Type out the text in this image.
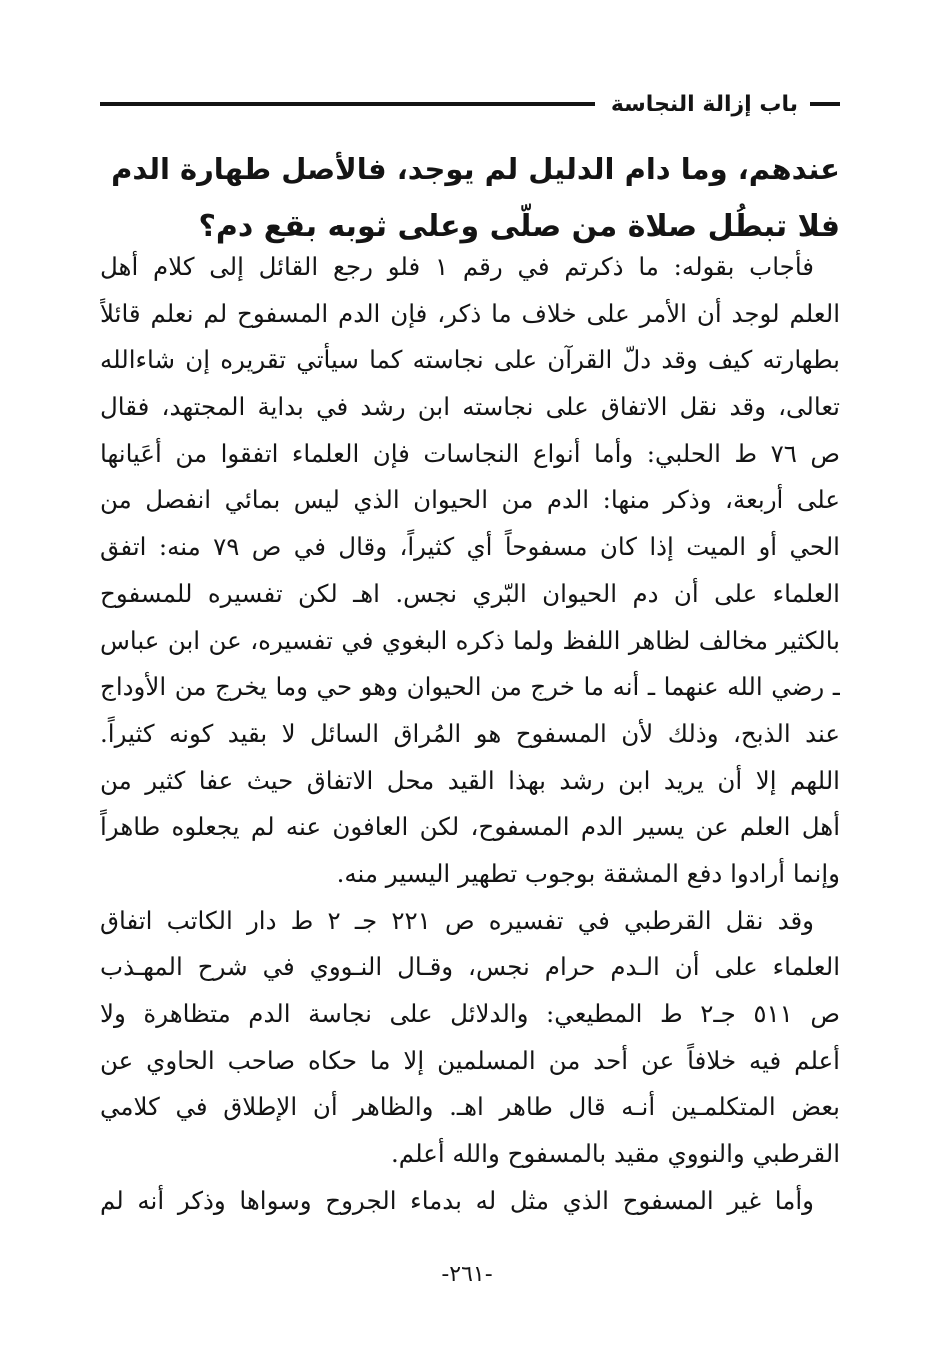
باب إزالة النجاسة
عندهم، وما دام الدليل لم يوجد، فالأصل طهارة الدم
فلا تبطُل صلاة من صلّى وعلى ثوبه بقع دم؟
فأجاب بقوله: ما ذكرتم في رقم ١ فلو رجع القائل إلى كلام أهل
العلم لوجد أن الأمر على خلاف ما ذكر، فإن الدم المسفوح لم نعلم قائلاً
بطهارته كيف وقد دلّ القرآن على نجاسته كما سيأتي تقريره إن شاءالله
تعالى، وقد نقل الاتفاق على نجاسته ابن رشد في بداية المجتهد، فقال
ص ٧٦ ط الحلبي: وأما أنواع النجاسات فإن العلماء اتفقوا من أعَيانها
على أربعة، وذكر منها: الدم من الحيوان الذي ليس بمائي انفصل من
الحي أو الميت إذا كان مسفوحاً أي كثيراً، وقال في ص ٧٩ منه: اتفق
العلماء على أن دم الحيوان البّري نجس. اهـ لكن تفسيره للمسفوح
بالكثير مخالف لظاهر اللفظ ولما ذكره البغوي في تفسيره، عن ابن عباس
ـ رضي الله عنهما ـ أنه ما خرج من الحيوان وهو حي وما يخرج من الأوداج
عند الذبح، وذلك لأن المسفوح هو المُراق السائل لا بقيد كونه كثيراً.
اللهم إلا أن يريد ابن رشد بهذا القيد محل الاتفاق حيث عفا كثير من
أهل العلم عن يسير الدم المسفوح، لكن العافون عنه لم يجعلوه طاهراً
وإنما أرادوا دفع المشقة بوجوب تطهير اليسير منه.
وقد نقل القرطبي في تفسيره ص ٢٢١ جـ ٢ ط دار الكاتب اتفاق
العلماء على أن الـدم حرام نجس، وقـال النـووي في شرح المهـذب
ص ٥١١ جـ٢ ط المطيعي: والدلائل على نجاسة الدم متظاهرة ولا
أعلم فيه خلافاً عن أحد من المسلمين إلا ما حكاه صاحب الحاوي عن
بعض المتكلمـين أنـه قال طاهر اهـ. والظاهر أن الإطلاق في كلامي
القرطبي والنووي مقيد بالمسفوح والله أعلم.
وأما غير المسفوح الذي مثل له بدماء الجروح وسواها وذكر أنه لم
-٢٦١-
